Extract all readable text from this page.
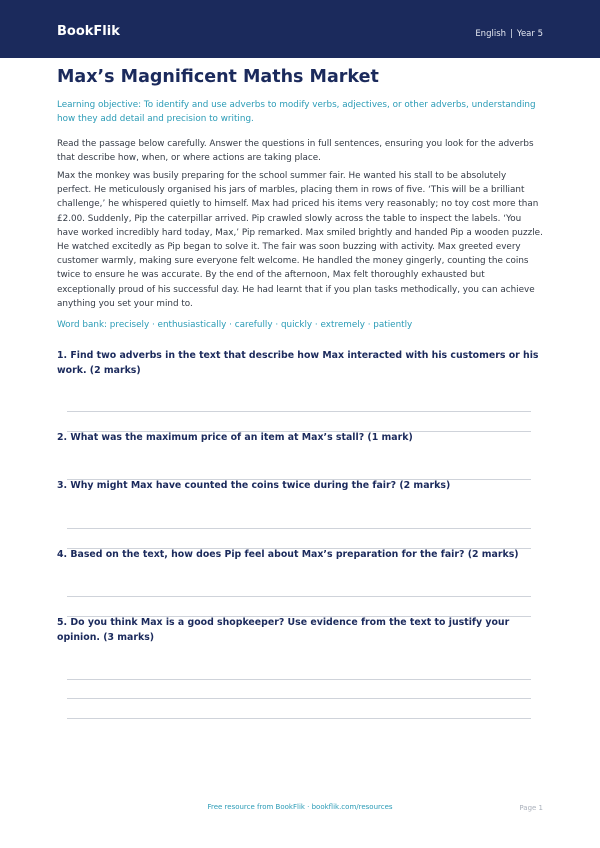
BookFlik	English | Year 5
Max’s Magnificent Maths Market

Learning objective: To identify and use adverbs to modify verbs, adjectives, or other adverbs, understanding how they add detail and precision to writing.

Read the passage below carefully. Answer the questions in full sentences, ensuring you look for the adverbs that describe how, when, or where actions are taking place.

Max the monkey was busily preparing for the school summer fair. He wanted his stall to be absolutely perfect. He meticulously organised his jars of marbles, placing them in rows of five. ‘This will be a brilliant challenge,’ he whispered quietly to himself. Max had priced his items very reasonably; no toy cost more than £2.00. Suddenly, Pip the caterpillar arrived. Pip crawled slowly across the table to inspect the labels. ‘You have worked incredibly hard today, Max,’ Pip remarked. Max smiled brightly and handed Pip a wooden puzzle. He watched excitedly as Pip began to solve it. The fair was soon buzzing with activity. Max greeted every customer warmly, making sure everyone felt welcome. He handled the money gingerly, counting the coins twice to ensure he was accurate. By the end of the afternoon, Max felt thoroughly exhausted but exceptionally proud of his successful day. He had learnt that if you plan tasks methodically, you can achieve anything you set your mind to.

Word bank: precisely · enthusiastically · carefully · quickly · extremely · patiently

1. Find two adverbs in the text that describe how Max interacted with his customers or his work. (2 marks)
2. What was the maximum price of an item at Max’s stall? (1 mark)
3. Why might Max have counted the coins twice during the fair? (2 marks)
4. Based on the text, how does Pip feel about Max’s preparation for the fair? (2 marks)
5. Do you think Max is a good shopkeeper? Use evidence from the text to justify your opinion. (3 marks)
Free resource from BookFlik · bookflik.com/resources	Page 1
